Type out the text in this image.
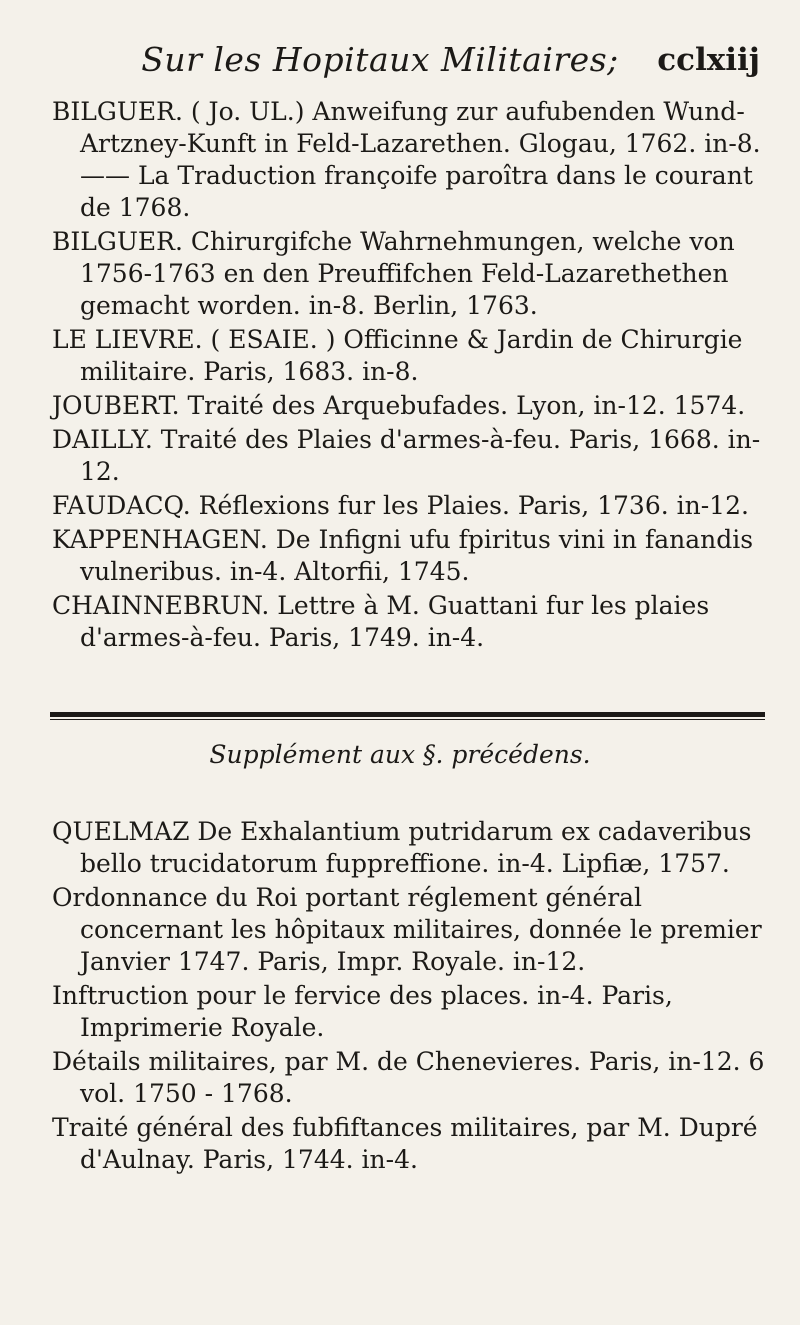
Sur les Hopitaux Militaires;	cclxiij

BILGUER. ( Jo. UL.) Anweifung zur aufubenden Wund-Artzney-Kunft in Feld-Lazarethen. Glogau, 1762. in-8. —— La Traduction françoife paroîtra dans le courant de 1768.

BILGUER. Chirurgifche Wahrnehmungen, welche von 1756-1763 en den Preuffifchen Feld-Lazarethethen gemacht worden. in-8. Berlin, 1763.

LE LIEVRE. ( ESAIE. ) Officinne & Jardin de Chirurgie militaire. Paris, 1683. in-8.

JOUBERT. Traité des Arquebufades. Lyon, in-12. 1574.

DAILLY. Traité des Plaies d'armes-à-feu. Paris, 1668. in-12.

FAUDACQ. Réflexions fur les Plaies. Paris, 1736. in-12.

KAPPENHAGEN. De Infigni ufu fpiritus vini in fanandis vulneribus. in-4. Altorfii, 1745.

CHAINNEBRUN. Lettre à M. Guattani fur les plaies d'armes-à-feu. Paris, 1749. in-4.

Supplément aux §. précédens.

QUELMAZ De Exhalantium putridarum ex cadaveribus bello trucidatorum fuppreffione. in-4. Lipfiæ, 1757.

Ordonnance du Roi portant réglement général concernant les hôpitaux militaires, donnée le premier Janvier 1747. Paris, Impr. Royale. in-12.

Inftruction pour le fervice des places. in-4. Paris, Imprimerie Royale.

Détails militaires, par M. de Chenevieres. Paris, in-12. 6 vol. 1750 - 1768.

Traité général des fubfiftances militaires, par M. Dupré d'Aulnay. Paris, 1744. in-4.
